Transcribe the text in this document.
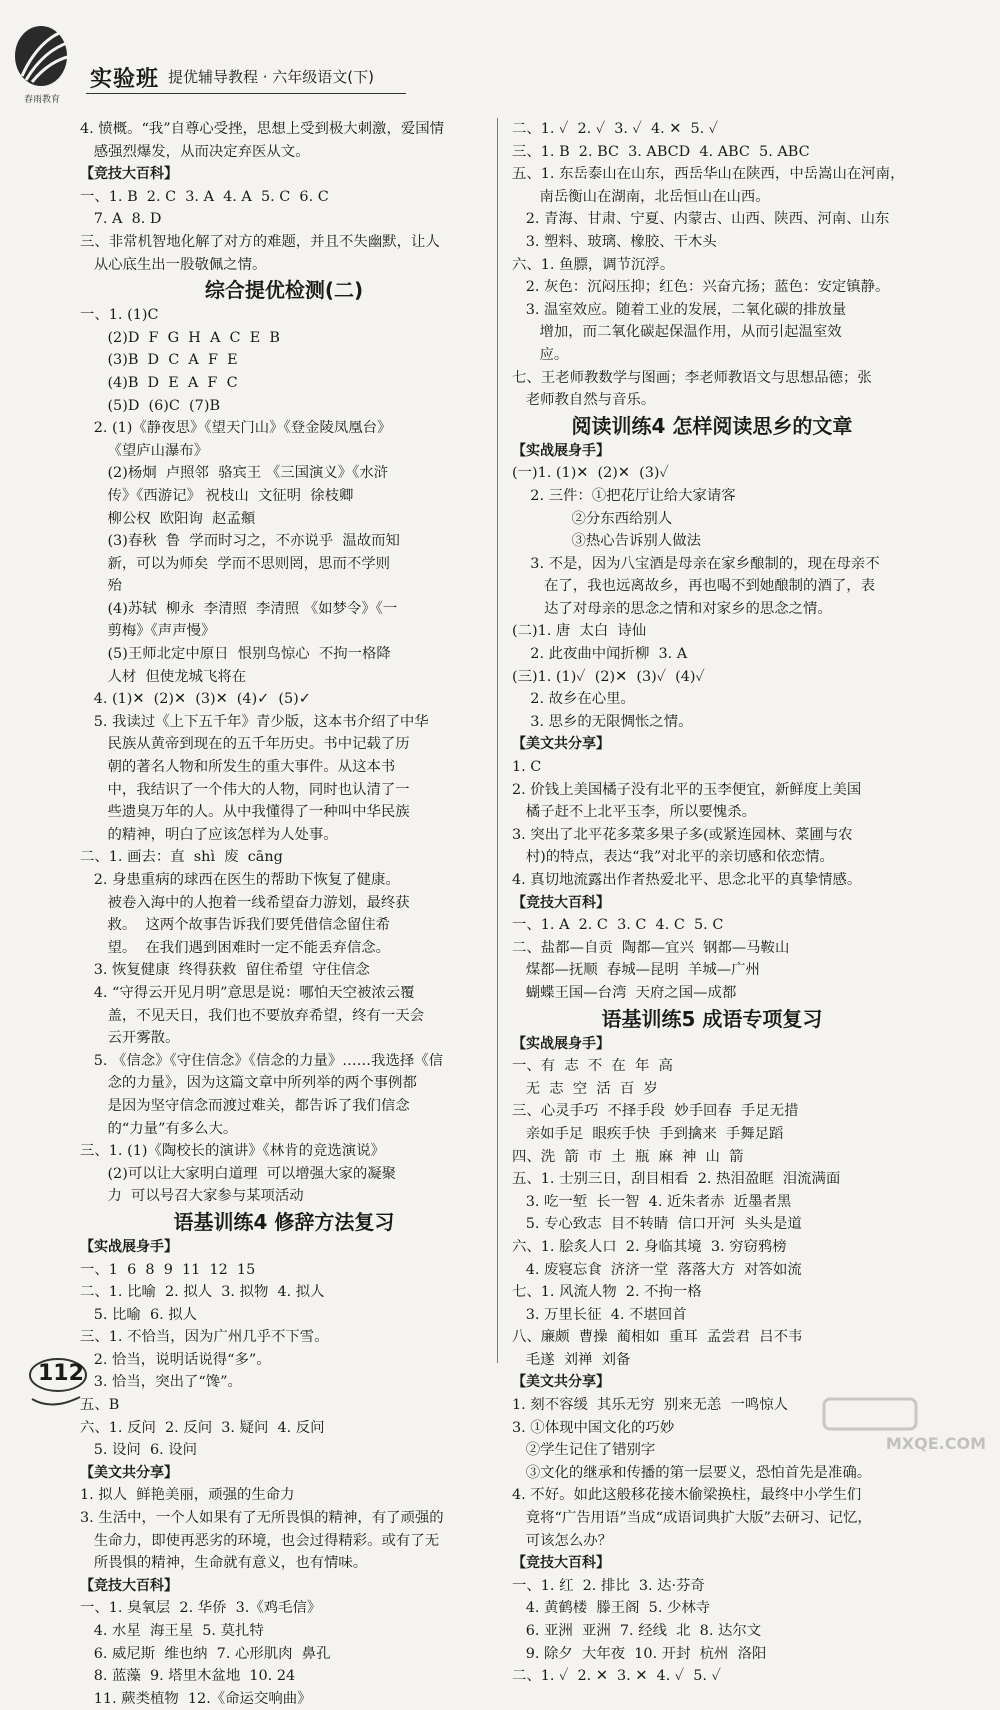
春雨教育
实验班 提优辅导教程 · 六年级语文(下)
4. 愤概。“我”自尊心受挫，思想上受到极大刺激，爱国情
感强烈爆发，从而决定弃医从文。
【竞技大百科】
一、1. B  2. C  3. A  4. A  5. C  6. C
7. A  8. D
三、非常机智地化解了对方的难题，并且不失幽默，让人
从心底生出一股敬佩之情。
综合提优检测(二)
一、1. (1)C
(2)D  F  G  H  A  C  E  B
(3)B  D  C  A  F  E
(4)B  D  E  A  F  C
(5)D  (6)C  (7)B
2. (1)《静夜思》《望天门山》《登金陵凤凰台》
《望庐山瀑布》
(2)杨炯  卢照邻  骆宾王 《三国演义》《水浒
传》《西游记》 祝枝山  文征明  徐枝卿
柳公权  欧阳询  赵孟頫
(3)春秋  鲁  学而时习之，不亦说乎  温故而知
新，可以为师矣  学而不思则罔，思而不学则
殆
(4)苏轼  柳永  李清照  李清照 《如梦令》《一
剪梅》《声声慢》
(5)王师北定中原日  恨别鸟惊心  不拘一格降
人材  但使龙城飞将在
4. (1)✕  (2)✕  (3)✕  (4)✓  (5)✓
5. 我读过《上下五千年》青少版，这本书介绍了中华
民族从黄帝到现在的五千年历史。书中记载了历
朝的著名人物和所发生的重大事件。从这本书
中，我结识了一个伟大的人物，同时也认清了一
些遗臭万年的人。从中我懂得了一种叫中华民族
的精神，明白了应该怎样为人处事。
二、1. 画去：直  shì  废  cāng
2. 身患重病的球西在医生的帮助下恢复了健康。
被卷入海中的人抱着一线希望奋力游划，最终获
救。  这两个故事告诉我们要凭借信念留住希
望。  在我们遇到困难时一定不能丢弃信念。
3. 恢复健康  终得获救  留住希望  守住信念
4. “守得云开见月明”意思是说：哪怕天空被浓云覆
盖，不见天日，我们也不要放弃希望，终有一天会
云开雾散。
5. 《信念》《守住信念》《信念的力量》……我选择《信
念的力量》，因为这篇文章中所列举的两个事例都
是因为坚守信念而渡过难关，都告诉了我们信念
的“力量”有多么大。
三、1. (1)《陶校长的演讲》《林肯的竞选演说》
(2)可以让大家明白道理  可以增强大家的凝聚
力  可以号召大家参与某项活动
语基训练4 修辞方法复习
【实战展身手】
一、1  6  8  9  11  12  15
二、1. 比喻  2. 拟人  3. 拟物  4. 拟人
5. 比喻  6. 拟人
三、1. 不恰当，因为广州几乎不下雪。
2. 恰当，说明话说得“多”。
3. 恰当，突出了“馋”。
五、B
六、1. 反问  2. 反问  3. 疑问  4. 反问
5. 设问  6. 设问
【美文共分享】
1. 拟人  鲜艳美丽，顽强的生命力
3. 生活中，一个人如果有了无所畏惧的精神，有了顽强的
生命力，即使再恶劣的环境，也会过得精彩。或有了无
所畏惧的精神，生命就有意义，也有情味。
【竞技大百科】
一、1. 臭氧层  2. 华侨  3.《鸡毛信》
4. 水星  海王星  5. 莫扎特
6. 威尼斯  维也纳  7. 心形肌肉  鼻孔
8. 蓝藻  9. 塔里木盆地  10. 24
11. 蕨类植物  12.《命运交响曲》
二、1. ✓  2. ✓  3. ✓  4. ✕  5. ✓
三、1. B  2. BC  3. ABCD  4. ABC  5. ABC
五、1. 东岳泰山在山东，西岳华山在陕西，中岳嵩山在河南，
南岳衡山在湖南，北岳恒山在山西。
2. 青海、甘肃、宁夏、内蒙古、山西、陕西、河南、山东
3. 塑料、玻璃、橡胶、干木头
六、1. 鱼膘，调节沉浮。
2. 灰色：沉闷压抑；红色：兴奋亢扬；蓝色：安定镇静。
3. 温室效应。随着工业的发展，二氧化碳的排放量
增加，而二氧化碳起保温作用，从而引起温室效
应。
七、王老师教数学与图画；李老师教语文与思想品德；张
老师教自然与音乐。
阅读训练4 怎样阅读思乡的文章
【实战展身手】
(一)1. (1)✕  (2)✕  (3)✓
2. 三件：①把花厅让给大家请客
②分东西给别人
③热心告诉别人做法
3. 不是，因为八宝酒是母亲在家乡酿制的，现在母亲不
在了，我也远离故乡，再也喝不到她酿制的酒了，表
达了对母亲的思念之情和对家乡的思念之情。
(二)1. 唐  太白  诗仙
2. 此夜曲中闻折柳  3. A
(三)1. (1)✓  (2)✕  (3)✓  (4)✓
2. 故乡在心里。
3. 思乡的无限惆怅之情。
【美文共分享】
1. C
2. 价钱上美国橘子没有北平的玉李便宜，新鲜度上美国
橘子赶不上北平玉李，所以要愧杀。
3. 突出了北平花多菜多果子多(或紧连园林、菜圃与农
村)的特点，表达“我”对北平的亲切感和依恋情。
4. 真切地流露出作者热爱北平、思念北平的真挚情感。
【竞技大百科】
一、1. A  2. C  3. C  4. C  5. C
二、盐都—自贡  陶都—宜兴  钢都—马鞍山
煤都—抚顺  春城—昆明  羊城—广州
蝴蝶王国—台湾  天府之国—成都
语基训练5 成语专项复习
【实战展身手】
一、有  志  不  在  年  高
无  志  空  活  百  岁
三、心灵手巧  不择手段  妙手回春  手足无措
亲如手足  眼疾手快  手到擒来  手舞足蹈
四、洗  箭  市  土  瓶  麻  神  山  箭
五、1. 士别三日，刮目相看  2. 热泪盈眶  泪流满面
3. 吃一堑  长一智  4. 近朱者赤  近墨者黑
5. 专心致志  目不转睛  信口开河  头头是道
六、1. 脍炙人口  2. 身临其境  3. 穷窃鸦榜
4. 废寝忘食  济济一堂  落落大方  对答如流
七、1. 风流人物  2. 不拘一格
3. 万里长征  4. 不堪回首
八、廉颇  曹操  蔺相如  重耳  孟尝君  吕不韦
毛遂  刘禅  刘备
【美文共分享】
1. 刻不容缓  其乐无穷  别来无恙  一鸣惊人
3. ①体现中国文化的巧妙
②学生记住了错别字
③文化的继承和传播的第一层要义，恐怕首先是准确。
4. 不好。如此这般移花接木偷梁换柱，最终中小学生们
竟将“广告用语”当成“成语词典扩大版”去研习、记忆，
可该怎么办？
【竞技大百科】
一、1. 红  2. 排比  3. 达·芬奇
4. 黄鹤楼  滕王阁  5. 少林寺
6. 亚洲  亚洲  7. 经线  北  8. 达尔文
9. 除夕  大年夜  10. 开封  杭州  洛阳
二、1. ✓  2. ✕  3. ✕  4. ✓  5. ✓
112
MXQE.COM
